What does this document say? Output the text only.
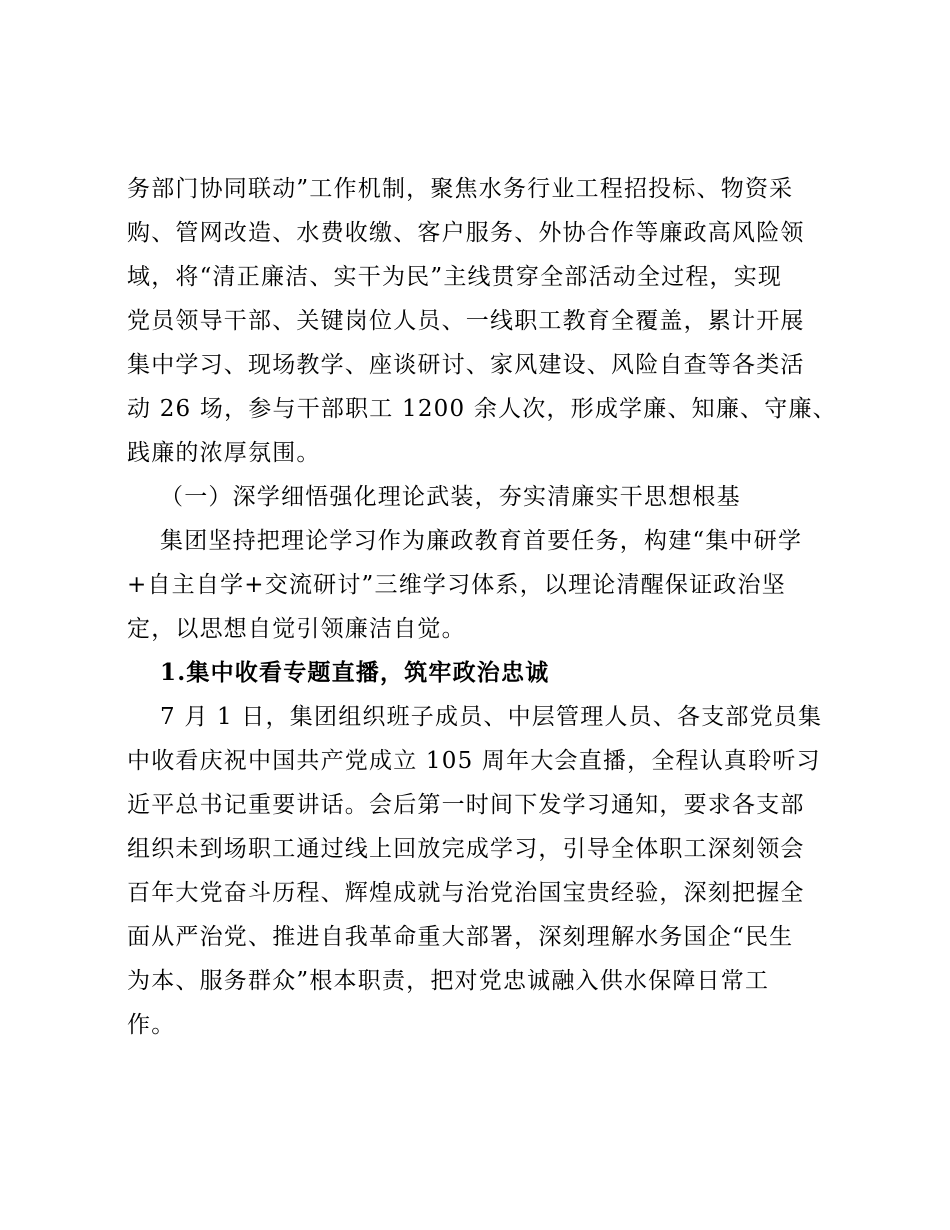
务部门协同联动”工作机制，聚焦水务行业工程招投标、物资采
购、管网改造、水费收缴、客户服务、外协合作等廉政高风险领
域，将“清正廉洁、实干为民”主线贯穿全部活动全过程，实现
党员领导干部、关键岗位人员、一线职工教育全覆盖，累计开展
集中学习、现场教学、座谈研讨、家风建设、风险自查等各类活
动 26 场，参与干部职工 1200 余人次，形成学廉、知廉、守廉、
践廉的浓厚氛围。
（一）深学细悟强化理论武装，夯实清廉实干思想根基
集团坚持把理论学习作为廉政教育首要任务，构建“集中研学
+自主自学+交流研讨”三维学习体系，以理论清醒保证政治坚
定，以思想自觉引领廉洁自觉。
1.集中收看专题直播，筑牢政治忠诚
7 月 1 日，集团组织班子成员、中层管理人员、各支部党员集
中收看庆祝中国共产党成立 105 周年大会直播，全程认真聆听习
近平总书记重要讲话。会后第一时间下发学习通知，要求各支部
组织未到场职工通过线上回放完成学习，引导全体职工深刻领会
百年大党奋斗历程、辉煌成就与治党治国宝贵经验，深刻把握全
面从严治党、推进自我革命重大部署，深刻理解水务国企“民生
为本、服务群众”根本职责，把对党忠诚融入供水保障日常工
作。
